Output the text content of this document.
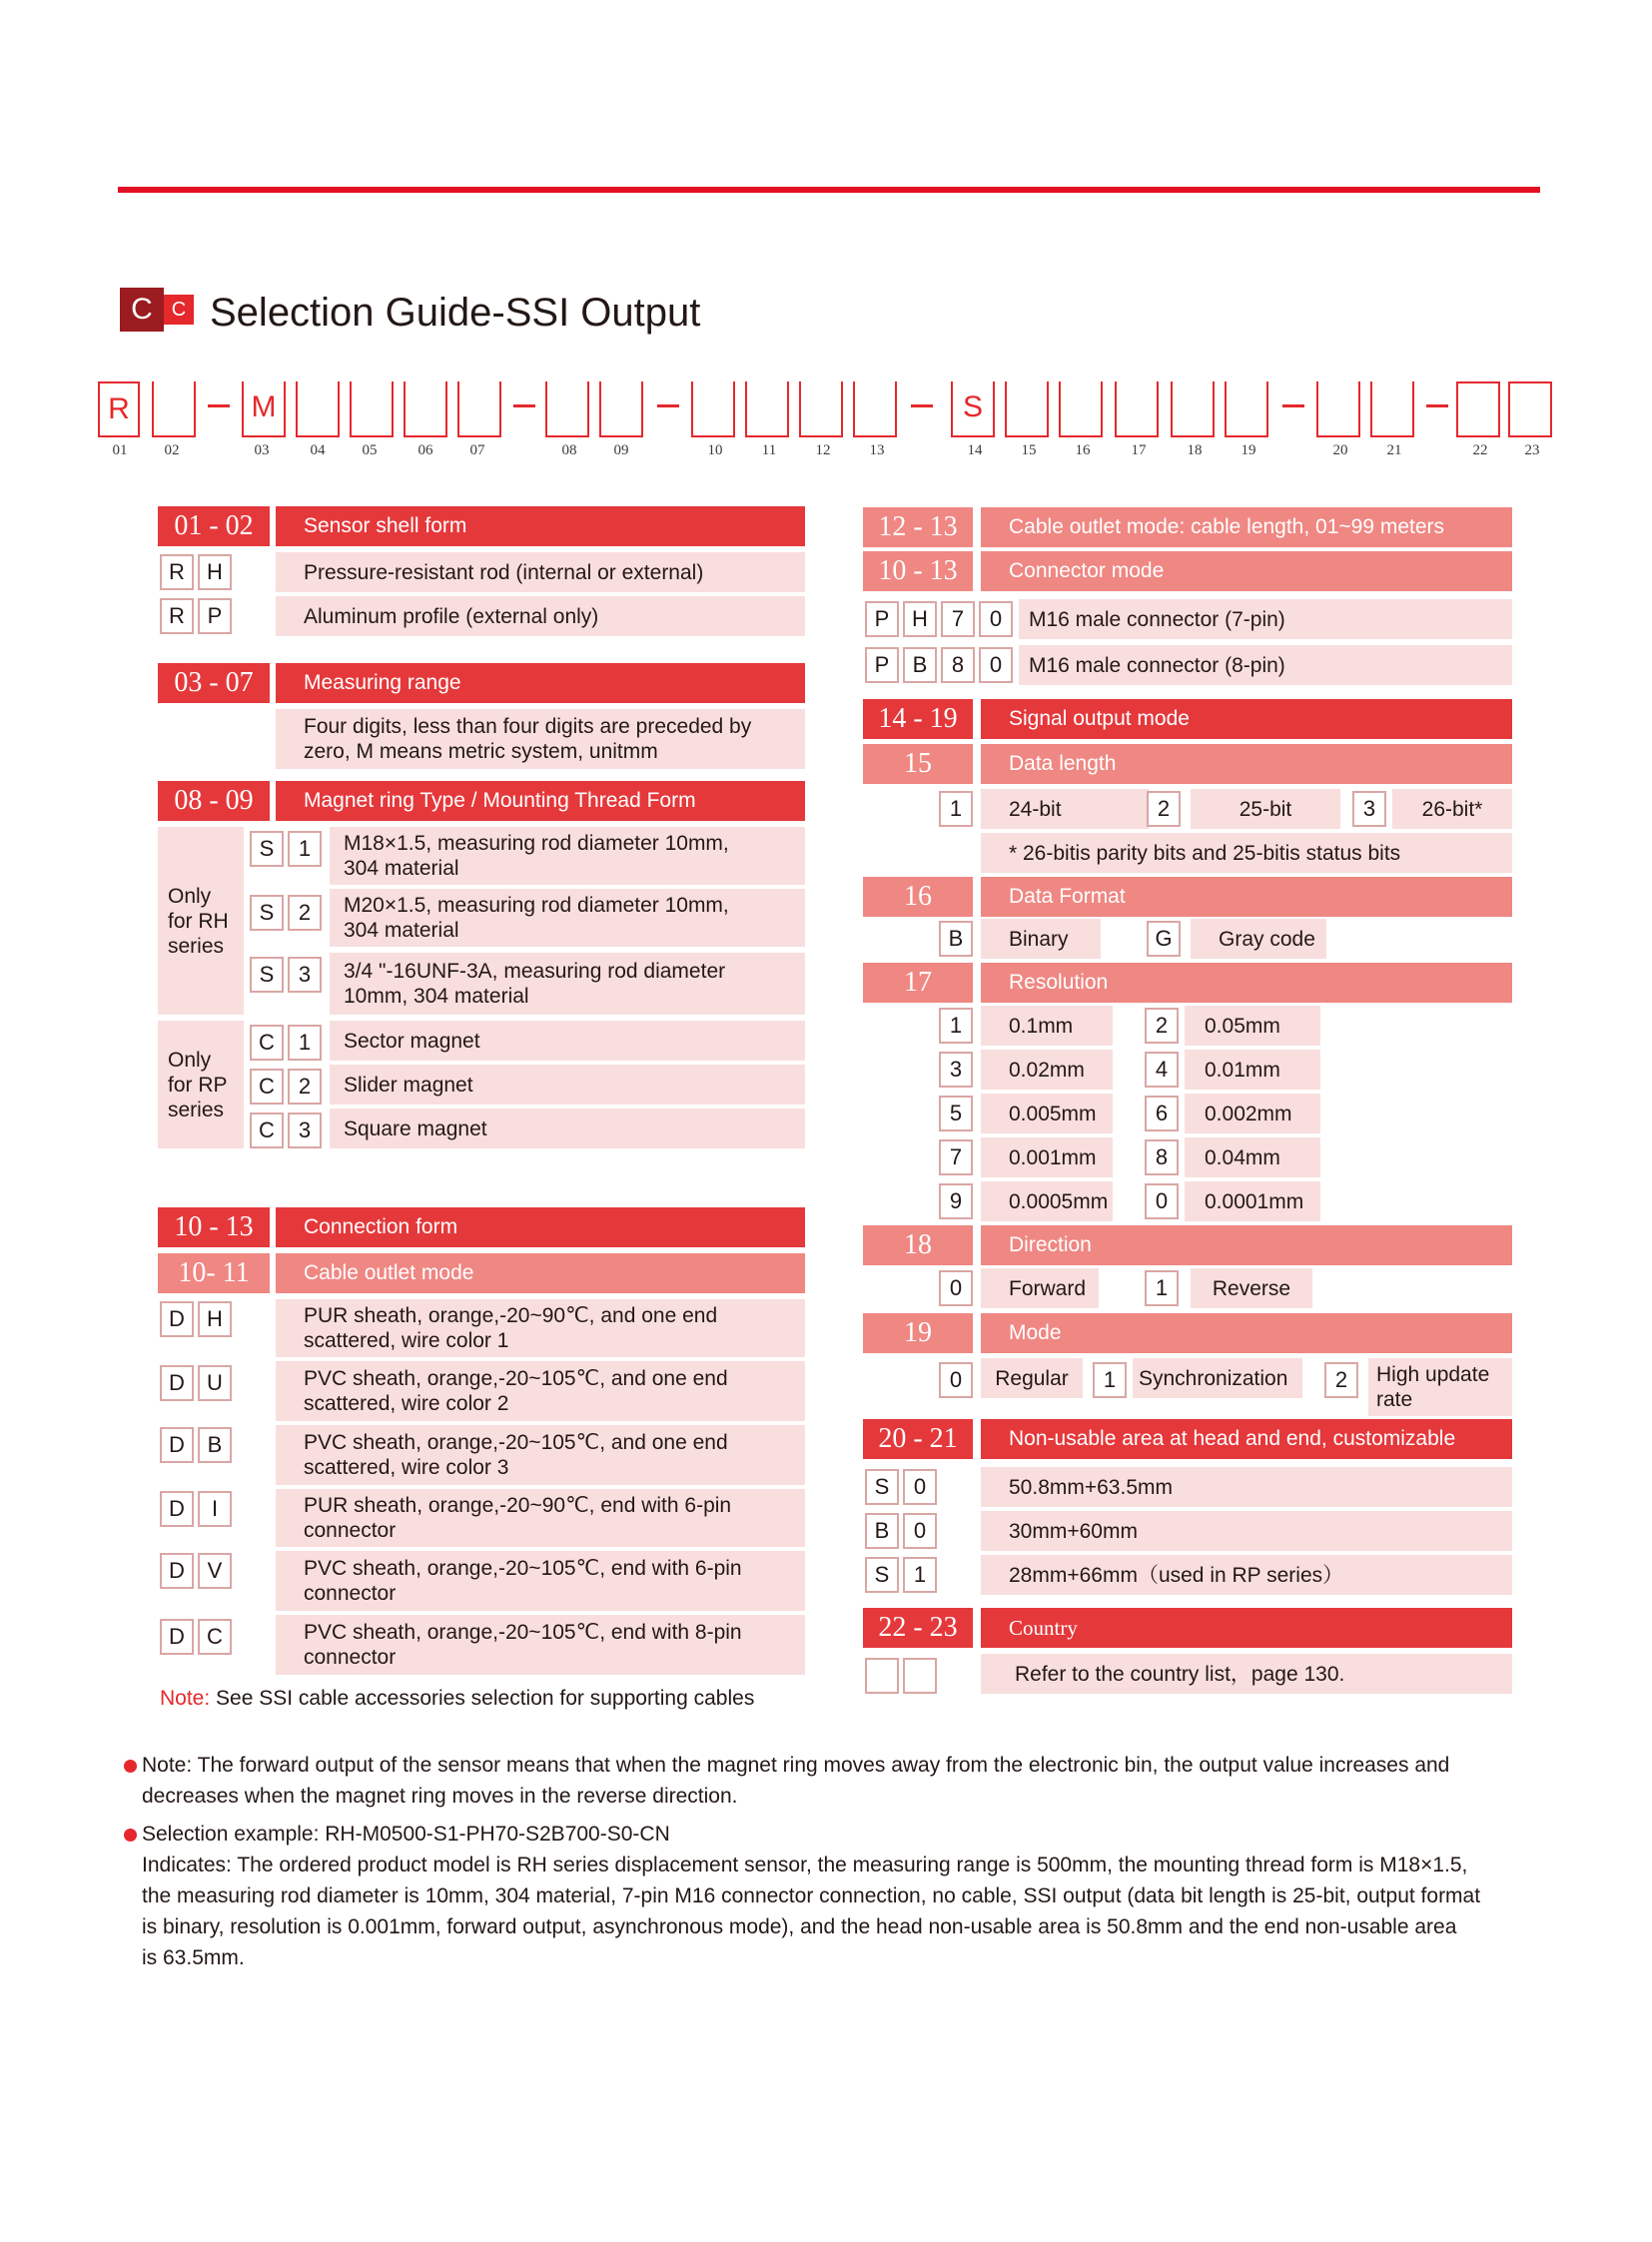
C C Selection Guide-SSI Output
R	M	S
01	02	03	04	05	06	07	08	09	10	11	12	13	14	15	16	17	18	19	20	21	22	23
01 - 02	Sensor shell form
R	H	Pressure-resistant rod (internal or external)
R	P	Aluminum profile (external only)
03 - 07	Measuring range
Four digits, less than four digits are preceded by
zero, M means metric system, unitmm
08 - 09	Magnet ring Type / Mounting Thread Form
Only
for RH
series
S	1	M18×1.5, measuring rod diameter 10mm,
304 material
S	2	M20×1.5, measuring rod diameter 10mm,
304 material
S	3	3/4 "-16UNF-3A, measuring rod diameter
10mm, 304 material
Only
for RP
series
C	1	Sector magnet
C	2	Slider magnet
C	3	Square magnet
10 - 13	Connection form
10- 11	Cable outlet mode
D	H	PUR sheath, orange,-20~90℃, and one end
scattered, wire color 1
D	U	PVC sheath, orange,-20~105℃, and one end
scattered, wire color 2
D	B	PVC sheath, orange,-20~105℃, and one end
scattered, wire color 3
D	I	PUR sheath, orange,-20~90℃, end with 6-pin
connector
D	V	PVC sheath, orange,-20~105℃, end with 6-pin
connector
D	C	PVC sheath, orange,-20~105℃, end with 8-pin
connector
Note: See SSI cable accessories selection for supporting cables
12 - 13	Cable outlet mode: cable length, 01~99 meters
10 - 13	Connector mode
P	H	7	0	M16 male connector (7-pin)
P	B	8	0	M16 male connector (8-pin)
14 - 19	Signal output mode
15	Data length
1	24-bit	2	25-bit	3	26-bit*
* 26-bitis parity bits and 25-bitis status bits
16	Data Format
B	Binary	G	Gray code
17	Resolution
1	0.1mm	2	0.05mm
3	0.02mm	4	0.01mm
5	0.005mm	6	0.002mm
7	0.001mm	8	0.04mm
9	0.0005mm	0	0.0001mm
18	Direction
0	Forward	1	Reverse
19	Mode
0	Regular	1	Synchronization	2	High update
rate
20 - 21	Non-usable area at head and end, customizable
S	0	50.8mm+63.5mm
B	0	30mm+60mm
S	1	28mm+66mm（used in RP series）
22 - 23	Country
Refer to the country list，page 130.
Note: The forward output of the sensor means that when the magnet ring moves away from the electronic bin, the output value increases and
decreases when the magnet ring moves in the reverse direction.
Selection example: RH-M0500-S1-PH70-S2B700-S0-CN
Indicates: The ordered product model is RH series displacement sensor, the measuring range is 500mm, the mounting thread form is M18×1.5,
the measuring rod diameter is 10mm, 304 material, 7-pin M16 connector connection, no cable, SSI output (data bit length is 25-bit, output format
is binary, resolution is 0.001mm, forward output, asynchronous mode), and the head non-usable area is 50.8mm and the end non-usable area
is 63.5mm.
